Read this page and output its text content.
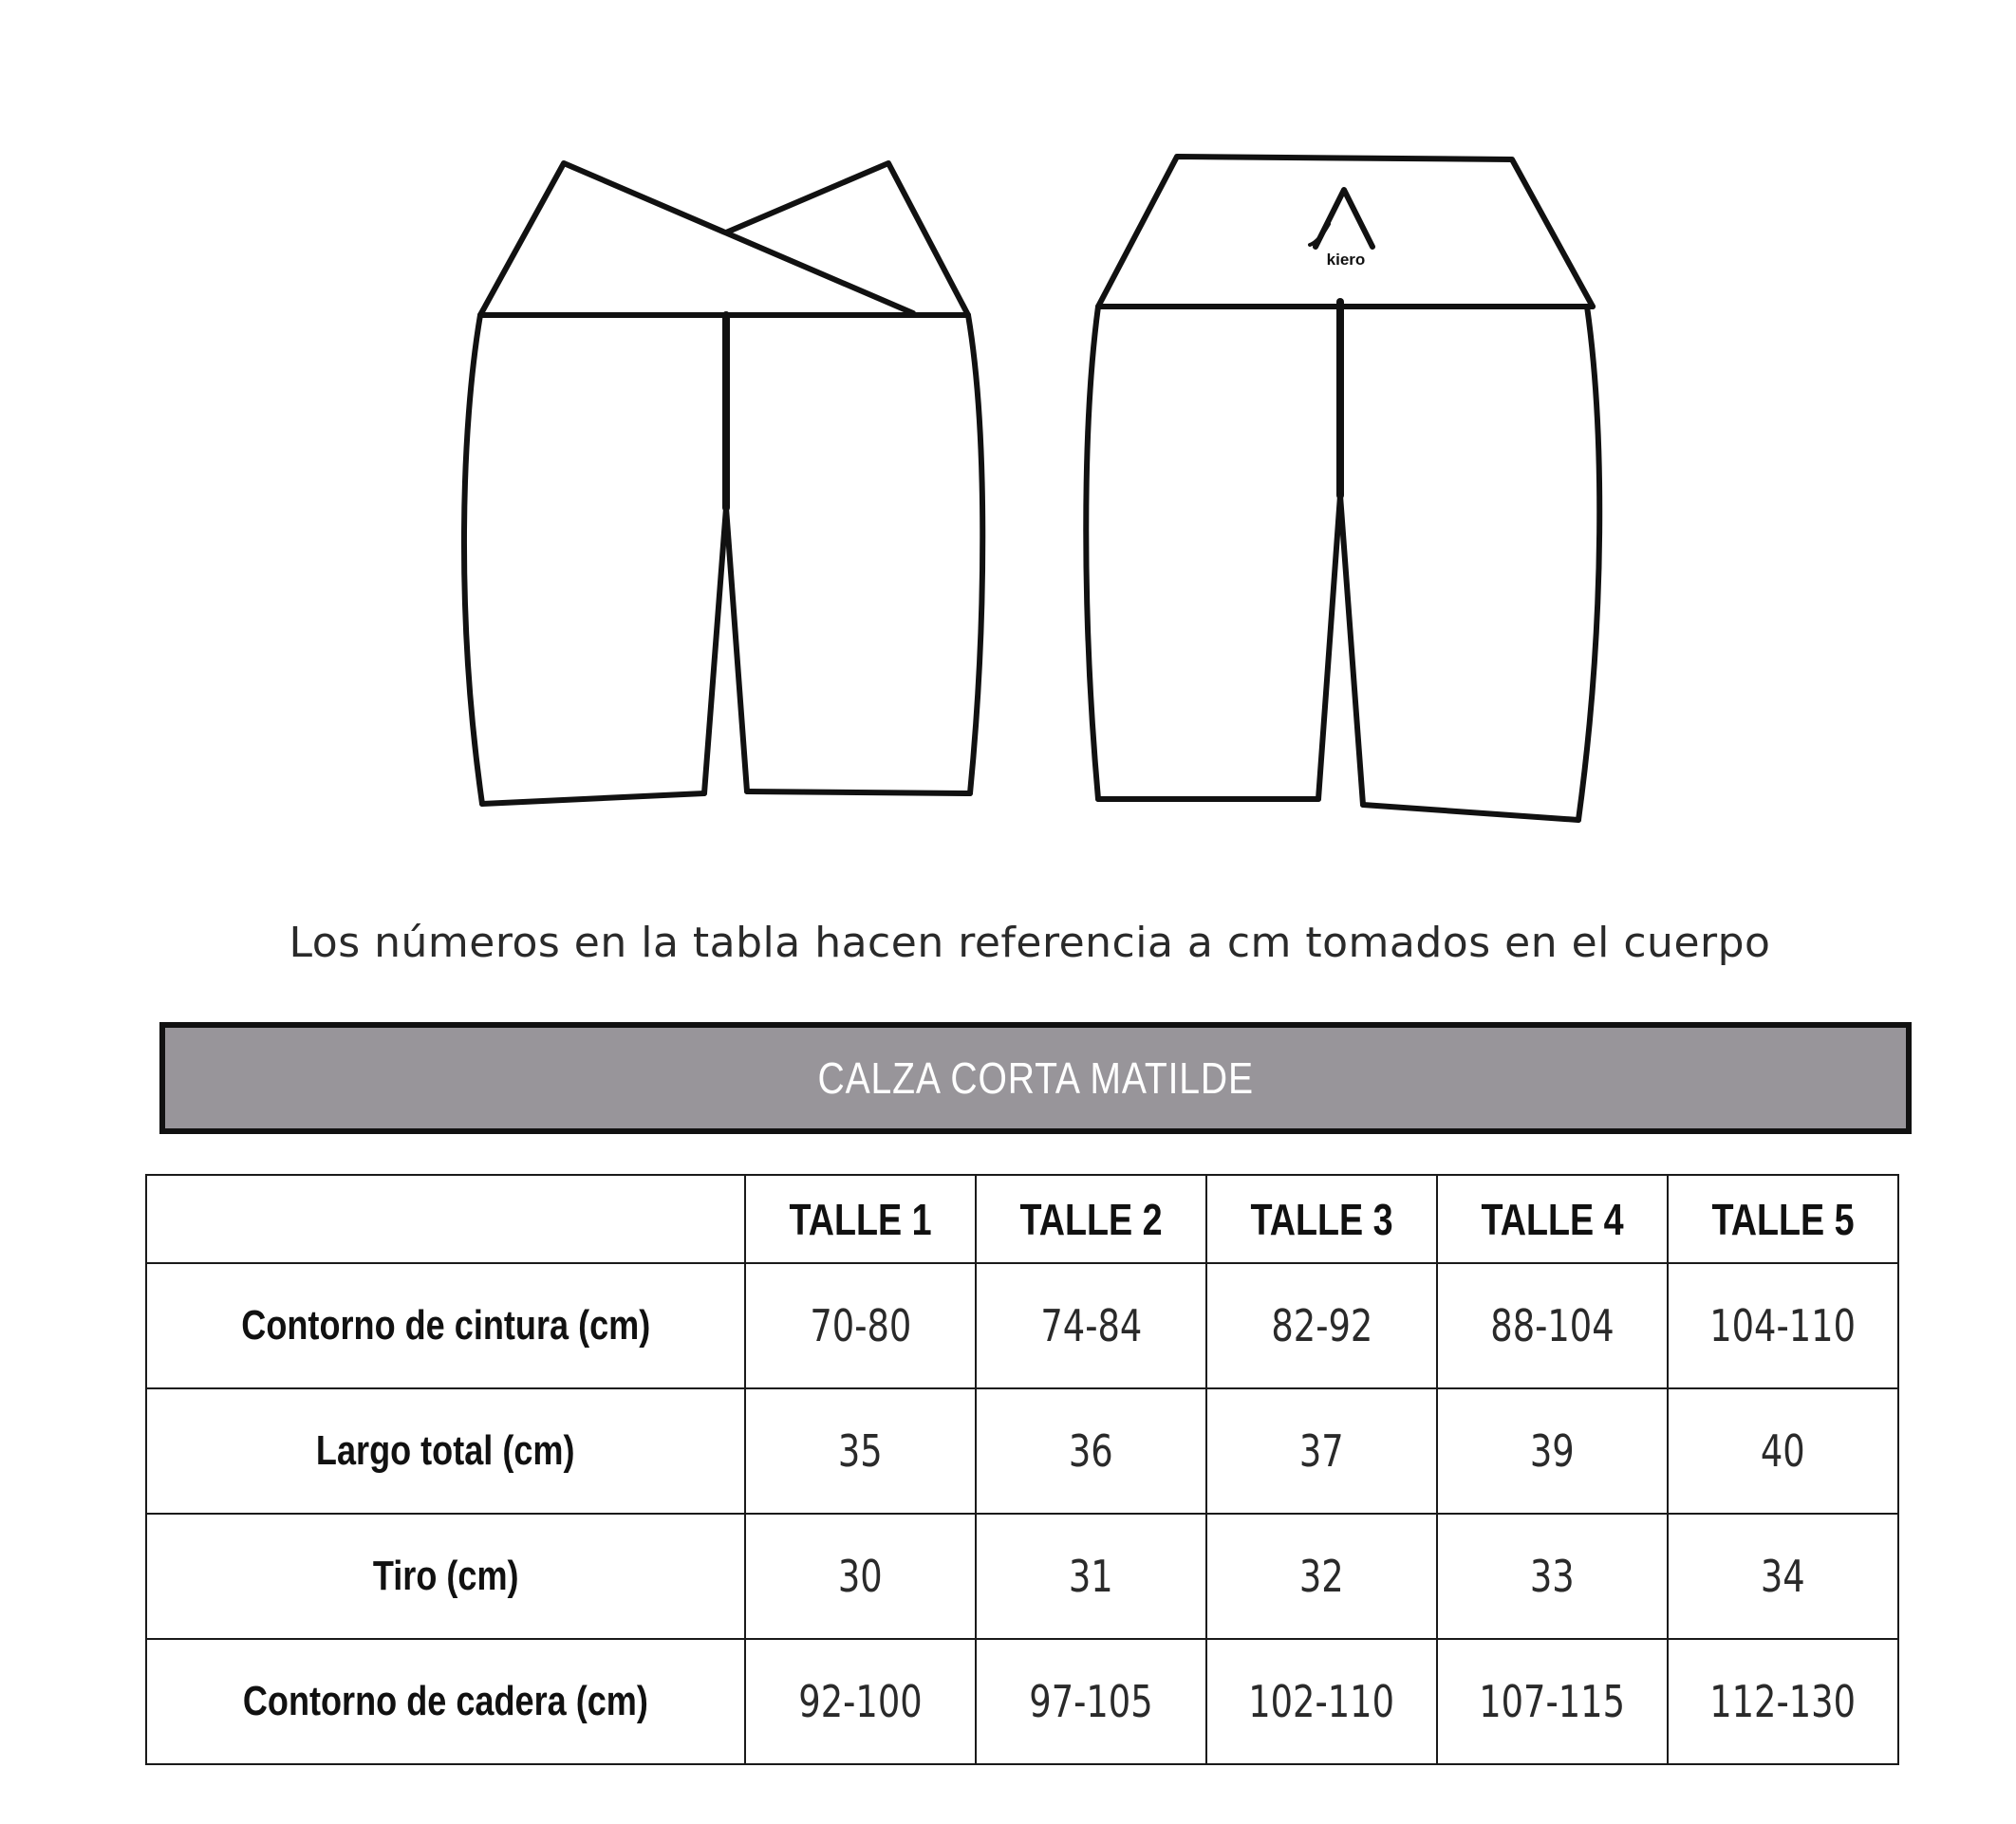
kiero
Los números en la tabla hacen referencia a cm tomados en el cuerpo
CALZA CORTA MATILDE
	TALLE 1	TALLE 2	TALLE 3	TALLE 4	TALLE 5
Contorno de cintura (cm)	70-80	74-84	82-92	88-104	104-110
Largo total (cm)	35	36	37	39	40
Tiro (cm)	30	31	32	33	34
Contorno de cadera (cm)	92-100	97-105	102-110	107-115	112-130
